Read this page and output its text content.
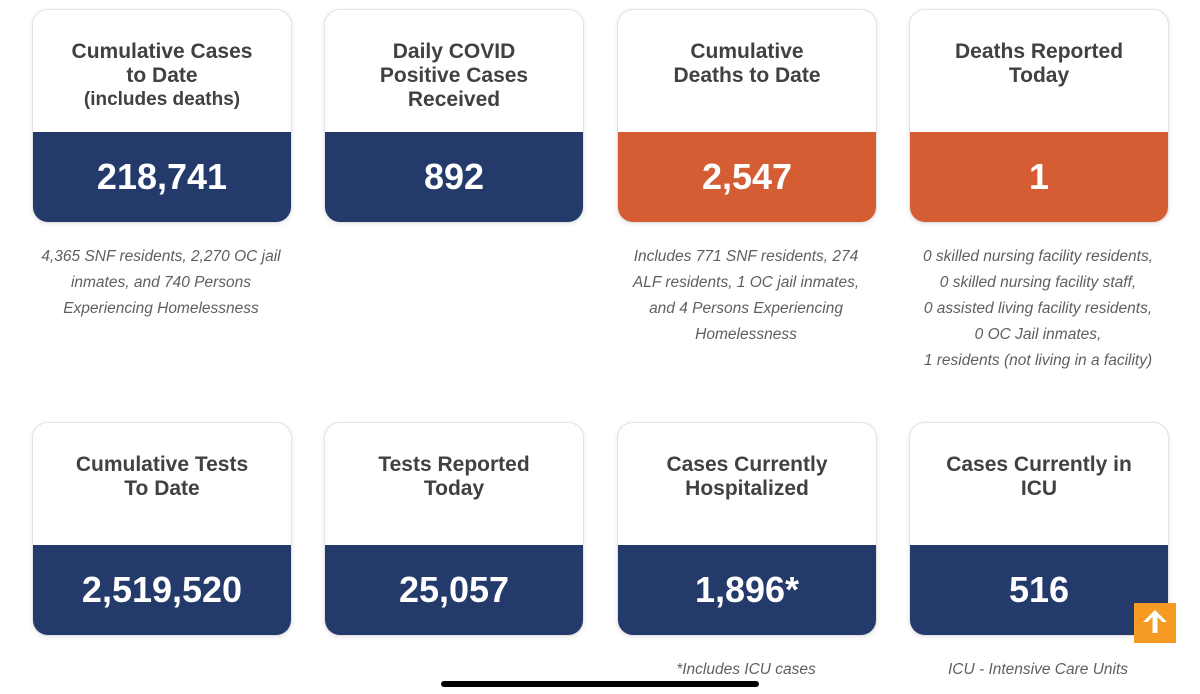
Cumulative Cases
to Date
(includes deaths)
218,741
Daily COVID
Positive Cases
Received
892
Cumulative
Deaths to Date
2,547
Deaths Reported
Today
1
4,365 SNF residents, 2,270 OC jail
inmates, and 740 Persons
Experiencing Homelessness
Includes 771 SNF residents, 274
ALF residents, 1 OC jail inmates,
and 4 Persons Experiencing
Homelessness
0 skilled nursing facility residents,
0 skilled nursing facility staff,
0 assisted living facility residents,
0 OC Jail inmates,
1 residents (not living in a facility)
Cumulative Tests
To Date
2,519,520
Tests Reported
Today
25,057
Cases Currently
Hospitalized
1,896*
Cases Currently in
ICU
516
*Includes ICU cases	ICU - Intensive Care Units
